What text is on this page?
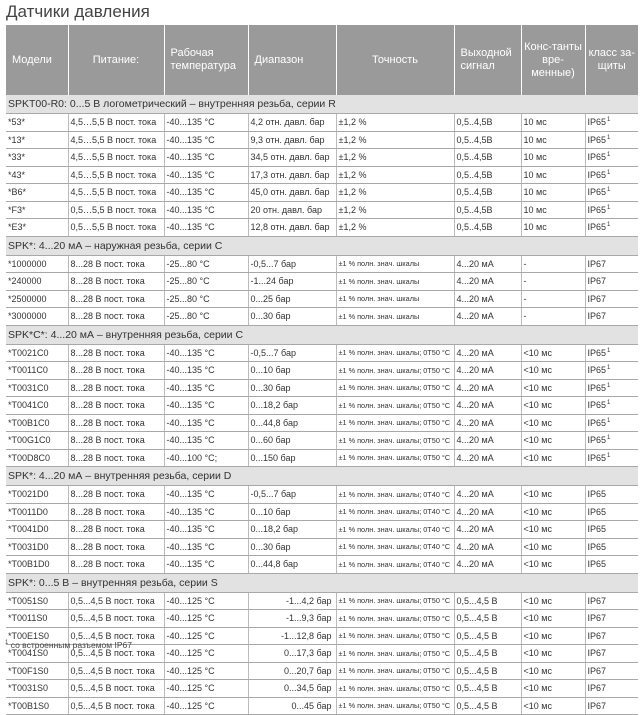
Датчики давления
Модели	Питание:	Рабочая температура	Диапазон	Точность	Выходной сигнал	Конс-танты вре-менные)	класс за-щиты
SPKT00-R0: 0...5 В логометрический – внутренняя резьба, серии R							
*53*	4,5…5,5 В пост. тока	-40...135 °C	4,2 отн. давл. бар	±1,2 %	0,5..4,5В	10 мс	$IP65^1$
*13*	4,5…5,5 В пост. тока	-40...135 °C	9,3 отн. давл. бар	±1,2 %	0,5..4,5В	10 мс	$IP65^1$
*33*	4,5…5,5 В пост. тока	-40...135 °C	34,5 отн. давл. бар	±1,2 %	0,5..4,5В	10 мс	$IP65^1$
*43*	4,5…5,5 В пост. тока	-40...135 °C	17,3 отн. давл. бар	±1,2 %	0,5..4,5В	10 мс	$IP65^1$
*B6*	4,5…5,5 В пост. тока	-40...135 °C	45,0 отн. давл. бар	±1,2 %	0,5..4,5В	10 мс	$IP65^1$
*F3*	0,5…5,5 В пост. тока	-40...135 °C	20 отн. давл. бар	±1,2 %	0,5..4,5В	10 мс	$IP65^1$
*E3*	0,5…5,5 В пост. тока	-40...135 °C	12,8 отн. давл. бар	±1,2 %	0,5..4,5В	10 мс	$IP65^1$
SPK*: 4...20 мА – наружная резьба, серии С							
*1000000	8...28 В пост. тока	-25...80 °C	-0,5...7 бар	±1 % полн. знач. шкалы	4...20 мА	-	IP67
*240000	8...28 В пост. тока	-25...80 °C	-1...24 бар	±1 % полн. знач. шкалы	4...20 мА	-	IP67
*2500000	8...28 В пост. тока	-25...80 °C	0...25 бар	±1 % полн. знач. шкалы	4...20 мА	-	IP67
*3000000	8...28 В пост. тока	-25...80 °C	0...30 бар	±1 % полн. знач. шкалы	4...20 мА	-	IP67
SPK*C*: 4...20 мА – внутренняя резьба, серии C							
*T0021C0	8...28 В пост. тока	-40...135 °C	-0,5...7 бар	±1 % полн. знач. шкалы; 0T50 °C	4...20 мА	<10 мс	$IP65^1$
*T0011C0	8...28 В пост. тока	-40...135 °C	0...10 бар	±1 % полн. знач. шкалы; 0T50 °C	4...20 мА	<10 мс	$IP65^1$
*T0031C0	8...28 В пост. тока	-40...135 °C	0...30 бар	±1 % полн. знач. шкалы; 0T50 °C	4...20 мА	<10 мс	$IP65^1$
*T0041C0	8...28 В пост. тока	-40...135 °C	0...18,2 бар	±1 % полн. знач. шкалы; 0T50 °C	4...20 мА	<10 мс	$IP65^1$
*T00B1C0	8...28 В пост. тока	-40...135 °C	0...44,8 бар	±1 % полн. знач. шкалы; 0T50 °C	4...20 мА	<10 мс	$IP65^1$
*T00G1C0	8...28 В пост. тока	-40...135 °C	0...60 бар	±1 % полн. знач. шкалы; 0T50 °C	4...20 мА	<10 мс	$IP65^1$
*T00D8C0	8...28 В пост. тока	-40...100 °C;	0...150 бар	±1 % полн. знач. шкалы; 0T50 °C	4...20 мА	<10 мс	$IP65^1$
SPK*: 4...20 мА – внутренняя резьба, серии D							
*T0021D0	8...28 В пост. тока	-40...135 °C	-0,5...7 бар	±1 % полн. знач. шкалы; 0T40 °C	4...20 мА	<10 мс	IP65
*T0011D0	8...28 В пост. тока	-40...135 °C	0...10 бар	±1 % полн. знач. шкалы; 0T40 °C	4...20 мА	<10 мс	IP65
*T0041D0	8...28 В пост. тока	-40...135 °C	0...18,2 бар	±1 % полн. знач. шкалы; 0T40 °C	4...20 мА	<10 мс	IP65
*T0031D0	8...28 В пост. тока	-40...135 °C	0...30 бар	±1 % полн. знач. шкалы; 0T40 °C	4...20 мА	<10 мс	IP65
*T00B1D0	8...28 В пост. тока	-40...135 °C	0...44,8 бар	±1 % полн. знач. шкалы; 0T40 °C	4...20 мА	<10 мс	IP65
SPK*: 0...5 В – внутренняя резьба, серии S							
*T0051S0	0,5...4,5 В пост. тока	-40...125 °C	-1...4,2 бар	±1 % полн. знач. шкалы; 0T50 °C	0,5...4,5 В	<10 мс	IP67
*T0011S0	0,5...4,5 В пост. тока	-40...125 °C	-1...9,3 бар	±1 % полн. знач. шкалы; 0T50 °C	0,5...4,5 В	<10 мс	IP67
*T00E1S0	0,5...4,5 В пост. тока	-40...125 °C	-1...12,8 бар	±1 % полн. знач. шкалы; 0T50 °C	0,5...4,5 В	<10 мс	IP67
*T0041S0	0,5...4,5 В пост. тока	-40...125 °C	0...17,3 бар	±1 % полн. знач. шкалы; 0T50 °C	0,5...4,5 В	<10 мс	IP67
*T00F1S0	0,5...4,5 В пост. тока	-40...125 °C	0...20,7 бар	±1 % полн. знач. шкалы; 0T50 °C	0,5...4,5 В	<10 мс	IP67
*T0031S0	0,5...4,5 В пост. тока	-40...125 °C	0...34,5 бар	±1 % полн. знач. шкалы; 0T50 °C	0,5...4,5 В	<10 мс	IP67
*T00B1S0	0,5...4,5 В пост. тока	-40...125 °C	0...45 бар	±1 % полн. знач. шкалы; 0T50 °C	0,5...4,5 В	<10 мс	IP67
$^1$ со встроенным разъемом IP67
